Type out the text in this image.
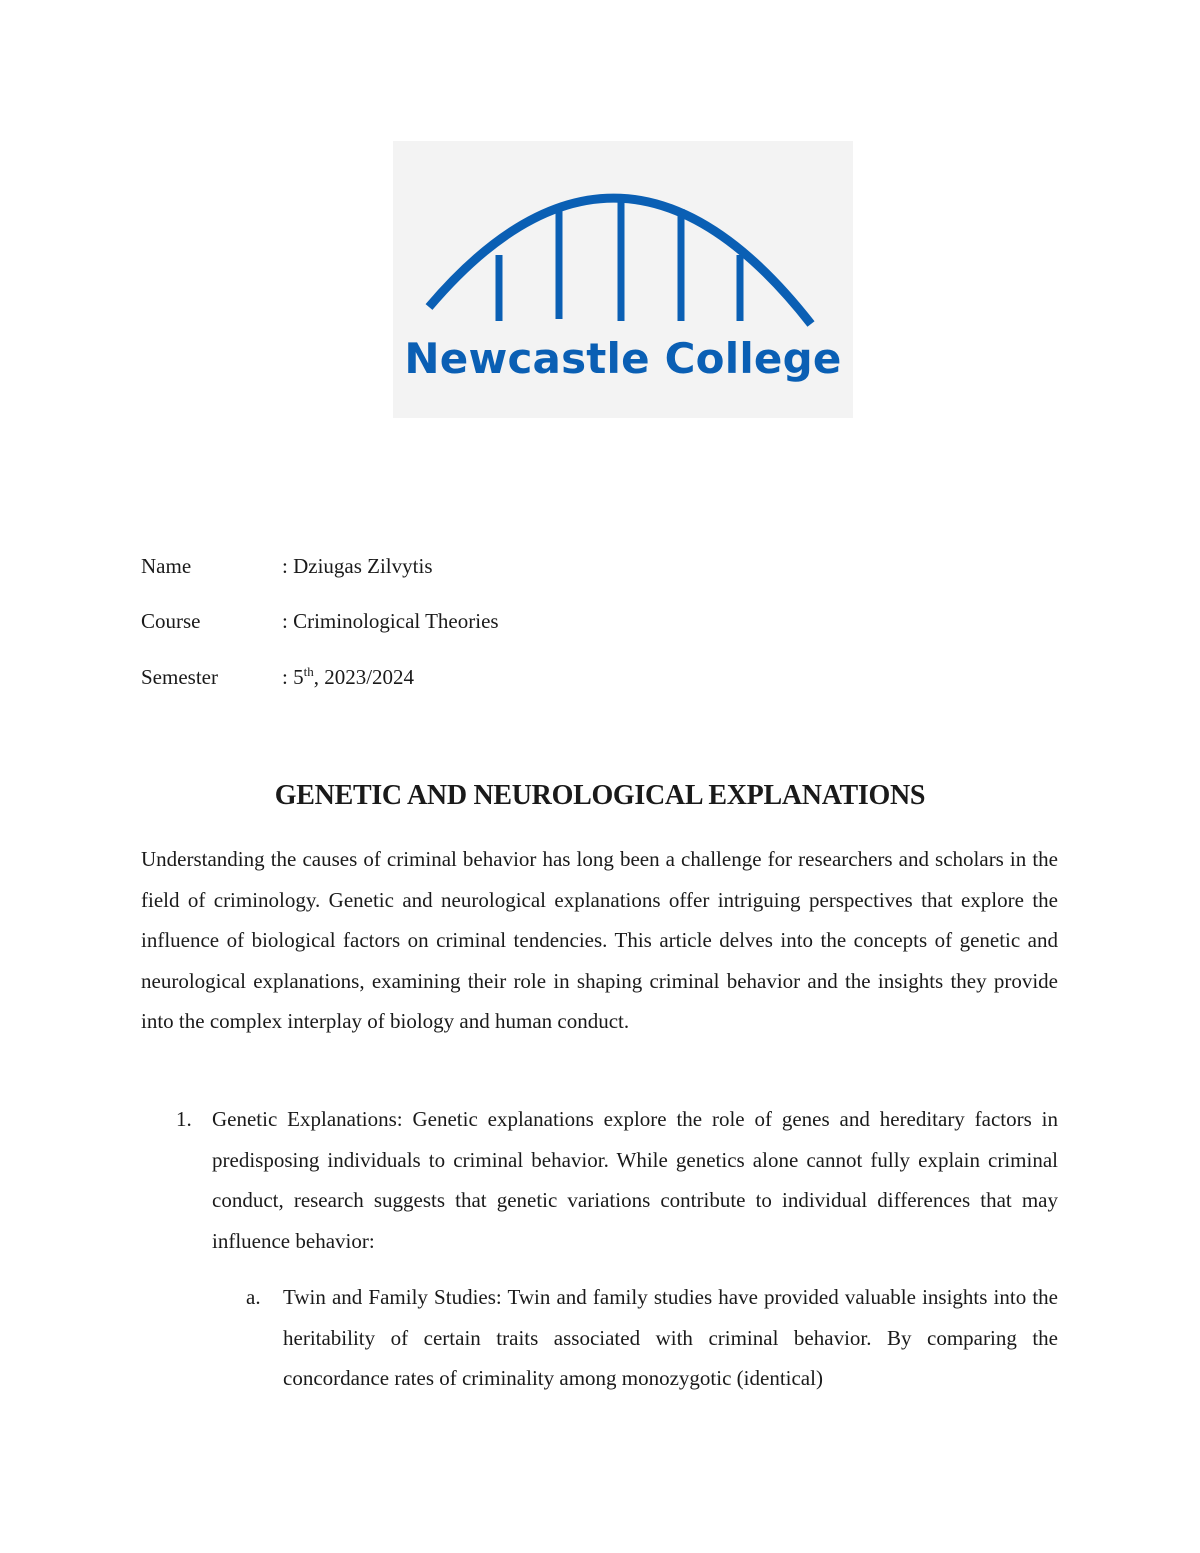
Newcastle College
Name	: Dziugas Zilvytis
Course	: Criminological Theories
Semester	: 5th, 2023/2024
GENETIC AND NEUROLOGICAL EXPLANATIONS

Understanding the causes of criminal behavior has long been a challenge for researchers and scholars in the field of criminology. Genetic and neurological explanations offer intriguing perspectives that explore the influence of biological factors on criminal tendencies. This article delves into the concepts of genetic and neurological explanations, examining their role in shaping criminal behavior and the insights they provide into the complex interplay of biology and human conduct.

1. Genetic Explanations: Genetic explanations explore the role of genes and hereditary factors in predisposing individuals to criminal behavior. While genetics alone cannot fully explain criminal conduct, research suggests that genetic variations contribute to individual differences that may influence behavior:

a. Twin and Family Studies: Twin and family studies have provided valuable insights into the heritability of certain traits associated with criminal behavior. By comparing the concordance rates of criminality among monozygotic (identical)
